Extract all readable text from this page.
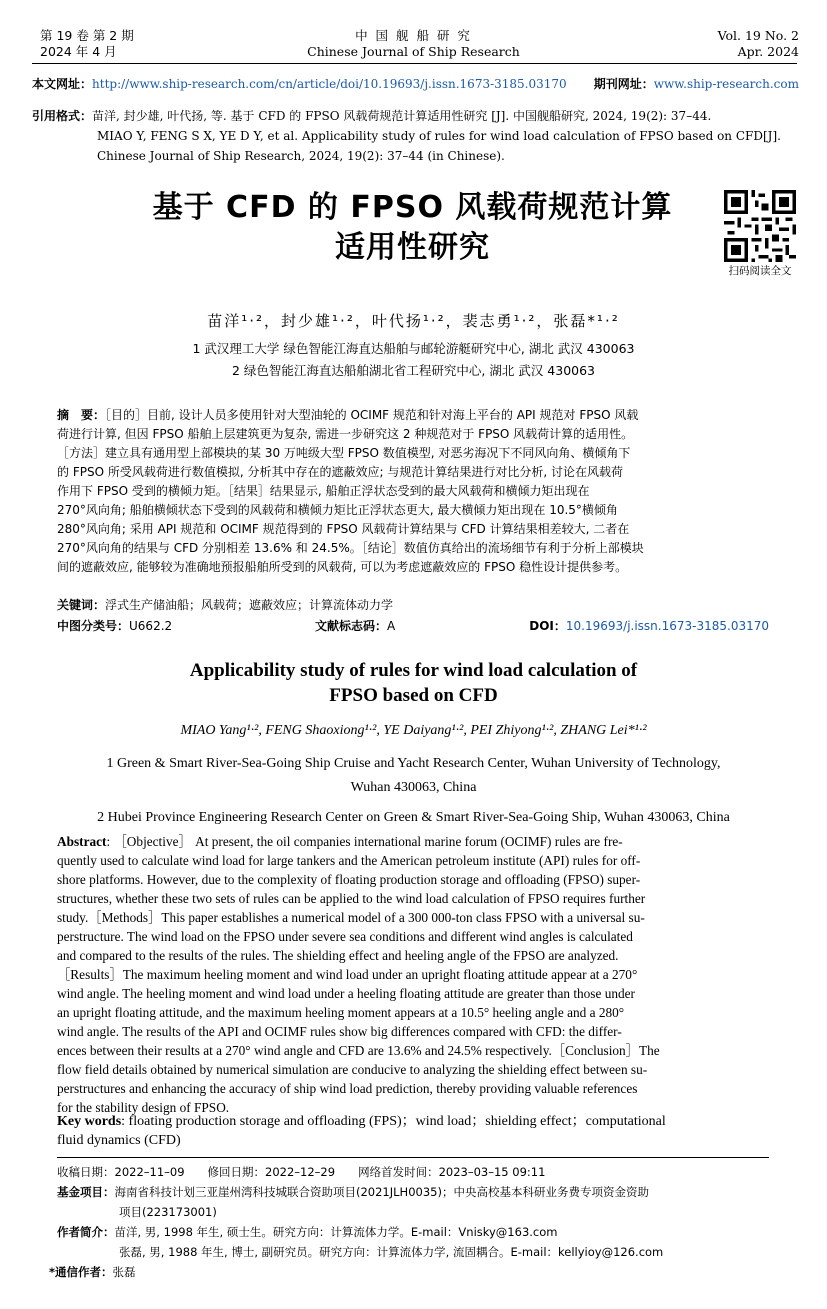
第 19 卷 第 2 期
2024 年 4 月
中 国 舰 船 研 究
Chinese Journal of Ship Research
Vol. 19 No. 2
Apr. 2024
本文网址：http://www.ship-research.com/cn/article/doi/10.19693/j.issn.1673-3185.03170 期刊网址：www.ship-research.com
引用格式：苗洋, 封少雄, 叶代扬, 等. 基于 CFD 的 FPSO 风载荷规范计算适用性研究 [J]. 中国舰船研究, 2024, 19(2): 37–44.
MIAO Y, FENG S X, YE D Y, et al. Applicability study of rules for wind load calculation of FPSO based on CFD[J].
Chinese Journal of Ship Research, 2024, 19(2): 37–44 (in Chinese).
基于 CFD 的 FPSO 风载荷规范计算
适用性研究
扫码阅读全文
苗洋¹·²，封少雄¹·²，叶代扬¹·²，裴志勇¹·²，张磊*¹·²
1 武汉理工大学 绿色智能江海直达船舶与邮轮游艇研究中心, 湖北 武汉 430063
2 绿色智能江海直达船舶湖北省工程研究中心, 湖北 武汉 430063
摘　要：［目的］目前, 设计人员多使用针对大型油轮的 OCIMF 规范和针对海上平台的 API 规范对 FPSO 风载
荷进行计算, 但因 FPSO 船舶上层建筑更为复杂, 需进一步研究这 2 种规范对于 FPSO 风载荷计算的适用性。
［方法］建立具有通用型上部模块的某 30 万吨级大型 FPSO 数值模型, 对恶劣海况下不同风向角、横倾角下
的 FPSO 所受风载荷进行数值模拟, 分析其中存在的遮蔽效应; 与规范计算结果进行对比分析, 讨论在风载荷
作用下 FPSO 受到的横倾力矩。［结果］结果显示, 船舶正浮状态受到的最大风载荷和横倾力矩出现在
270°风向角; 船舶横倾状态下受到的风载荷和横倾力矩比正浮状态更大, 最大横倾力矩出现在 10.5°横倾角
280°风向角; 采用 API 规范和 OCIMF 规范得到的 FPSO 风载荷计算结果与 CFD 计算结果相差较大, 二者在
270°风向角的结果与 CFD 分别相差 13.6% 和 24.5%。［结论］数值仿真给出的流场细节有利于分析上部模块
间的遮蔽效应, 能够较为准确地预报船舶所受到的风载荷, 可以为考虑遮蔽效应的 FPSO 稳性设计提供参考。
关键词：浮式生产储油船；风载荷；遮蔽效应；计算流体动力学
中图分类号：U662.2	文献标志码：A	DOI：10.19693/j.issn.1673-3185.03170
Applicability study of rules for wind load calculation of
FPSO based on CFD
MIAO Yang¹·², FENG Shaoxiong¹·², YE Daiyang¹·², PEI Zhiyong¹·², ZHANG Lei*¹·²
1 Green & Smart River-Sea-Going Ship Cruise and Yacht Research Center, Wuhan University of Technology,
Wuhan 430063, China
2 Hubei Province Engineering Research Center on Green & Smart River-Sea-Going Ship, Wuhan 430063, China
Abstract: ［Objective］ At present, the oil companies international marine forum (OCIMF) rules are fre-
quently used to calculate wind load for large tankers and the American petroleum institute (API) rules for off-
shore platforms. However, due to the complexity of floating production storage and offloading (FPSO) super-
structures, whether these two sets of rules can be applied to the wind load calculation of FPSO requires further
study.［Methods］This paper establishes a numerical model of a 300 000-ton class FPSO with a universal su-
perstructure. The wind load on the FPSO under severe sea conditions and different wind angles is calculated
and compared to the results of the rules. The shielding effect and heeling angle of the FPSO are analyzed.
［Results］The maximum heeling moment and wind load under an upright floating attitude appear at a 270°
wind angle. The heeling moment and wind load under a heeling floating attitude are greater than those under
an upright floating attitude, and the maximum heeling moment appears at a 10.5° heeling angle and a 280°
wind angle. The results of the API and OCIMF rules show big differences compared with CFD: the differ-
ences between their results at a 270° wind angle and CFD are 13.6% and 24.5% respectively.［Conclusion］The
flow field details obtained by numerical simulation are conducive to analyzing the shielding effect between su-
perstructures and enhancing the accuracy of ship wind load prediction, thereby providing valuable references
for the stability design of FPSO.
Key words: floating production storage and offloading (FPS)；wind load；shielding effect；computational
fluid dynamics (CFD)
收稿日期：2022–11–09　　修回日期：2022–12–29　　网络首发时间：2023–03–15 09:11
基金项目：海南省科技计划三亚崖州湾科技城联合资助项目(2021JLH0035)；中央高校基本科研业务费专项资金资助
项目(223173001)
作者简介：苗洋, 男, 1998 年生, 硕士生。研究方向：计算流体力学。E-mail：Vnisky@163.com
张磊, 男, 1988 年生, 博士, 副研究员。研究方向：计算流体力学, 流固耦合。E-mail：kellyioy@126.com
*通信作者：张磊
